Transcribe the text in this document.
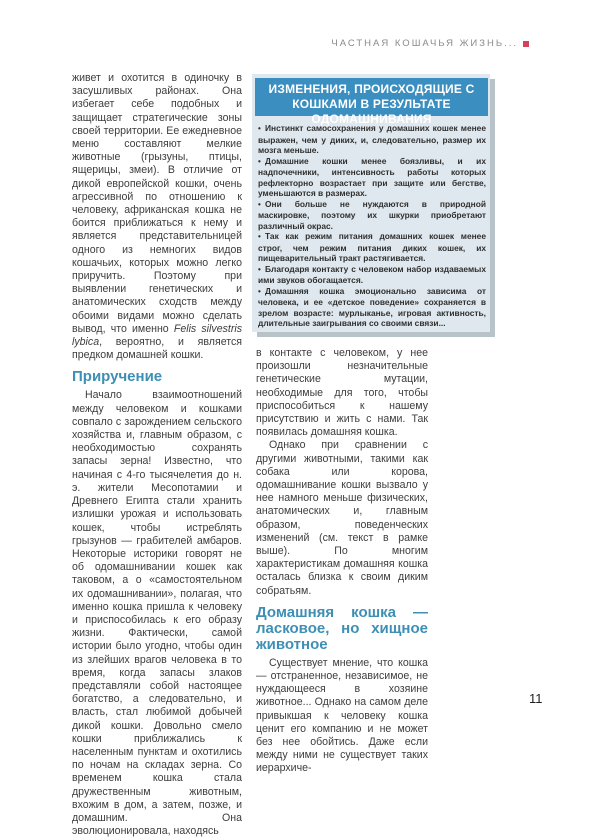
ЧАСТНАЯ КОШАЧЬЯ ЖИЗНЬ...

живет и охотится в одиночку в засушливых районах. Она избегает себе подобных и защищает стратегические зоны своей территории. Ее ежедневное меню составляют мелкие животные (грызуны, птицы, ящерицы, змеи). В отличие от дикой европейской кошки, очень агрессивной по отношению к человеку, африканская кошка не боится приближаться к нему и является представительницей одного из немногих видов кошачьих, которых можно легко приручить. Поэтому при выявлении генетических и анатомических сходств между обоими видами можно сделать вывод, что именно Felis silvestris lybica, вероятно, и является предком домашней кошки.

Приручение

Начало взаимоотношений между человеком и кошками совпало с зарождением сельского хозяйства и, главным образом, с необходимостью сохранять запасы зерна! Известно, что начиная с 4-го тысячелетия до н. э. жители Месопотамии и Древнего Египта стали хранить излишки урожая и использовать кошек, чтобы истреблять грызунов — грабителей амбаров. Некоторые историки говорят не об одомашнивании кошек как таковом, а о «самостоятельном их одомашнивании», полагая, что именно кошка пришла к человеку и приспособилась к его образу жизни. Фактически, самой истории было угодно, чтобы один из злейших врагов человека в то время, когда запасы злаков представляли собой настоящее богатство, а следовательно, и власть, стал любимой добычей дикой кошки. Довольно смело кошки приближались к населенным пунктам и охотились по ночам на складах зерна. Со временем кошка стала дружественным животным, вхожим в дом, а затем, позже, и домашним. Она эволюционировала, находясь

ИЗМЕНЕНИЯ, ПРОИСХОДЯЩИЕ С КОШКАМИ В РЕЗУЛЬТАТЕ ОДОМАШНИВАНИЯ
• Инстинкт самосохранения у домашних кошек менее выражен, чем у диких, и, следовательно, размер их мозга меньше.
• Домашние кошки менее боязливы, и их надпочечники, интенсивность работы которых рефлекторно возрастает при защите или бегстве, уменьшаются в размерах.
• Они больше не нуждаются в природной маскировке, поэтому их шкурки приобретают различный окрас.
• Так как режим питания домашних кошек менее строг, чем режим питания диких кошек, их пищеварительный тракт растягивается.
• Благодаря контакту с человеком набор издаваемых ими звуков обогащается.
• Домашняя кошка эмоционально зависима от человека, и ее «детское поведение» сохраняется в зрелом возрасте: мурлыканье, игровая активность, длительные заигрывания со своими связи...

в контакте с человеком, у нее произошли незначительные генетические мутации, необходимые для того, чтобы приспособиться к нашему присутствию и жить с нами. Так появилась домашняя кошка.

Однако при сравнении с другими животными, такими как собака или корова, одомашнивание кошки вызвало у нее намного меньше физических, анатомических и, главным образом, поведенческих изменений (см. текст в рамке выше). По многим характеристикам домашняя кошка осталась близка к своим диким собратьям.

Домашняя кошка — ласковое, но хищное животное

Существует мнение, что кошка — отстраненное, независимое, не нуждающееся в хозяине животное... Однако на самом деле привыкшая к человеку кошка ценит его компанию и не может без нее обойтись. Даже если между ними не существует таких иерархиче-

11
